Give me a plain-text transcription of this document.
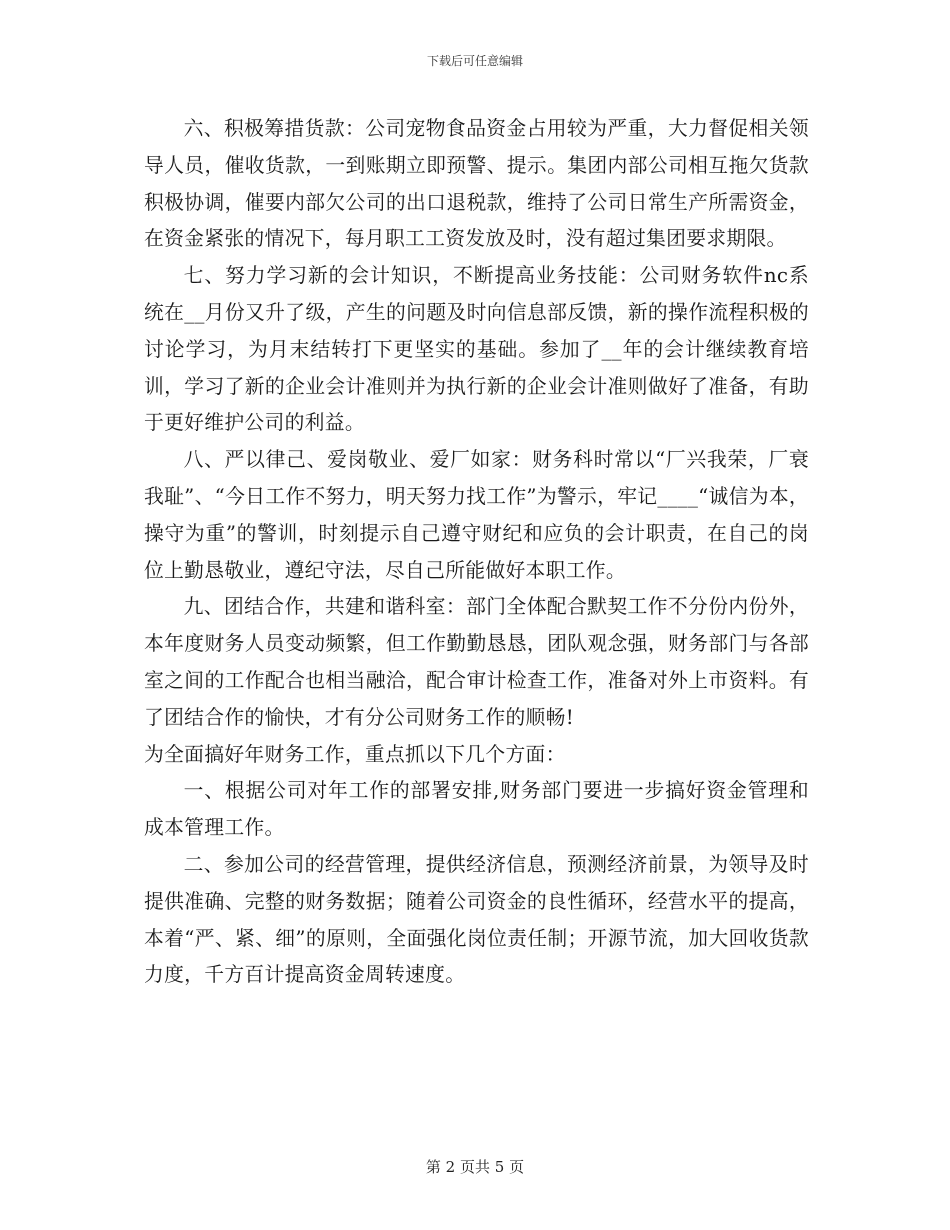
下载后可任意编辑

六、积极筹措货款：公司宠物食品资金占用较为严重，大力督促相关领导人员，催收货款，一到账期立即预警、提示。集团内部公司相互拖欠货款积极协调，催要内部欠公司的出口退税款，维持了公司日常生产所需资金，在资金紧张的情况下，每月职工工资发放及时，没有超过集团要求期限。

七、努力学习新的会计知识，不断提高业务技能：公司财务软件nc系统在__月份又升了级，产生的问题及时向信息部反馈，新的操作流程积极的讨论学习，为月末结转打下更坚实的基础。参加了__年的会计继续教育培训，学习了新的企业会计准则并为执行新的企业会计准则做好了准备，有助于更好维护公司的利益。

八、严以律己、爱岗敬业、爱厂如家：财务科时常以“厂兴我荣，厂衰我耻”、“今日工作不努力，明天努力找工作”为警示，牢记____“诚信为本，操守为重”的警训，时刻提示自己遵守财纪和应负的会计职责，在自己的岗位上勤恳敬业，遵纪守法，尽自己所能做好本职工作。

九、团结合作，共建和谐科室：部门全体配合默契工作不分份内份外，本年度财务人员变动频繁，但工作勤勤恳恳，团队观念强，财务部门与各部室之间的工作配合也相当融洽，配合审计检查工作，准备对外上市资料。有了团结合作的愉快，才有分公司财务工作的顺畅!

为全面搞好年财务工作，重点抓以下几个方面：

一、根据公司对年工作的部署安排,财务部门要进一步搞好资金管理和成本管理工作。

二、参加公司的经营管理，提供经济信息，预测经济前景，为领导及时提供准确、完整的财务数据；随着公司资金的良性循环，经营水平的提高，本着“严、紧、细”的原则，全面强化岗位责任制；开源节流，加大回收货款力度，千方百计提高资金周转速度。

第 2 页共 5 页
